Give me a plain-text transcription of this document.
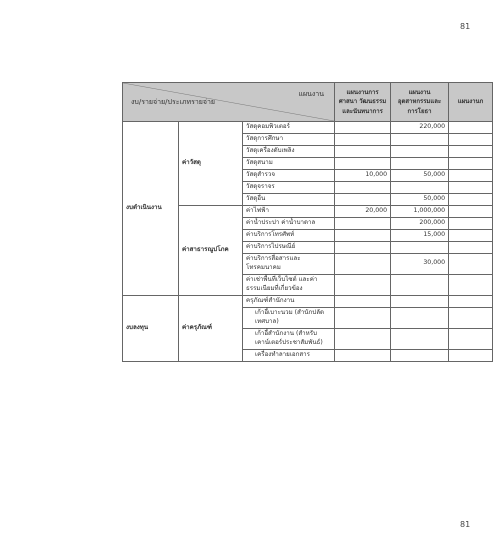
81
แผนงาน
งบ/รายจ่าย/ประเภทรายจ่าย			แผนงานการศาสนา วัฒนธรรม และนันทนาการ	แผนงาน อุตสาหกรรมและการโยธา	แผนงานก
งบดำเนินงาน	ค่าวัสดุ	วัสดุคอมพิวเตอร์		220,000	
		วัสดุการศึกษา			
		วัสดุเครื่องดับเพลิง			
		วัสดุสนาม			
		วัสดุสำรวจ	10,000	50,000	
		วัสดุจราจร			
		วัสดุอื่น		50,000	
	ค่าสาธารณูปโภค	ค่าไฟฟ้า	20,000	1,000,000	
		ค่าน้ำประปา ค่าน้ำบาดาล		200,000	
		ค่าบริการโทรศัพท์		15,000	
		ค่าบริการไปรษณีย์			
		ค่าบริการสื่อสารและโทรคมนาคม		30,000	
		ค่าเช่าพื้นที่เว็บไซต์ และค่าธรรมเนียมที่เกี่ยวข้อง			
งบลงทุน	ค่าครุภัณฑ์	ครุภัณฑ์สำนักงาน			
		เก้าอี้เบาะนวม (สำนักปลัดเทศบาล)			
		เก้าอี้สำนักงาน (สำหรับเคาน์เตอร์ประชาสัมพันธ์)			
		เครื่องทำลายเอกสาร			
81
